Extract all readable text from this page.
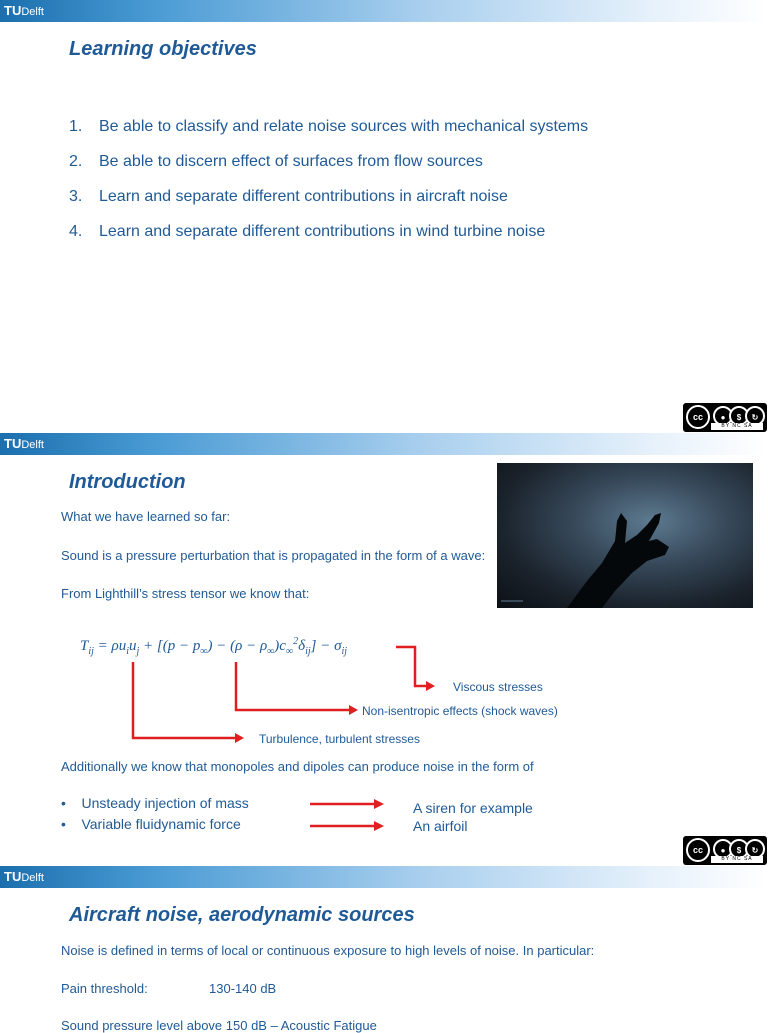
TUDelft
Learning objectives
1. Be able to classify and relate noise sources with mechanical systems
2. Be able to discern effect of surfaces from flow sources
3. Learn and separate different contributions in aircraft noise
4. Learn and separate different contributions in wind turbine noise
cc	●	$	↻
BY NC SA
TUDelft
Introduction
What we have learned so far:
Sound is a pressure perturbation that is propagated in the form of a wave:
From Lighthill’s stress tensor we know that:
$T_{ij} = \rho u_iu_j + [(p - p_\infty) - (\rho - \rho_\infty)c_\infty^2\delta_{ij}] - \sigma_{ij}$
Viscous stresses
Non-isentropic effects (shock waves)
Turbulence, turbulent stresses
Additionally we know that monopoles and dipoles can produce noise in the form of
•    Unsteady injection of mass
•    Variable fluidynamic force
A siren for example
An airfoil
cc	●	$	↻
BY NC SA
TUDelft
Aircraft noise, aerodynamic sources
Noise is defined in terms of local or continuous exposure to high levels of noise. In particular:
Pain threshold:	130-140 dB
Sound pressure level above 150 dB – Acoustic Fatigue
